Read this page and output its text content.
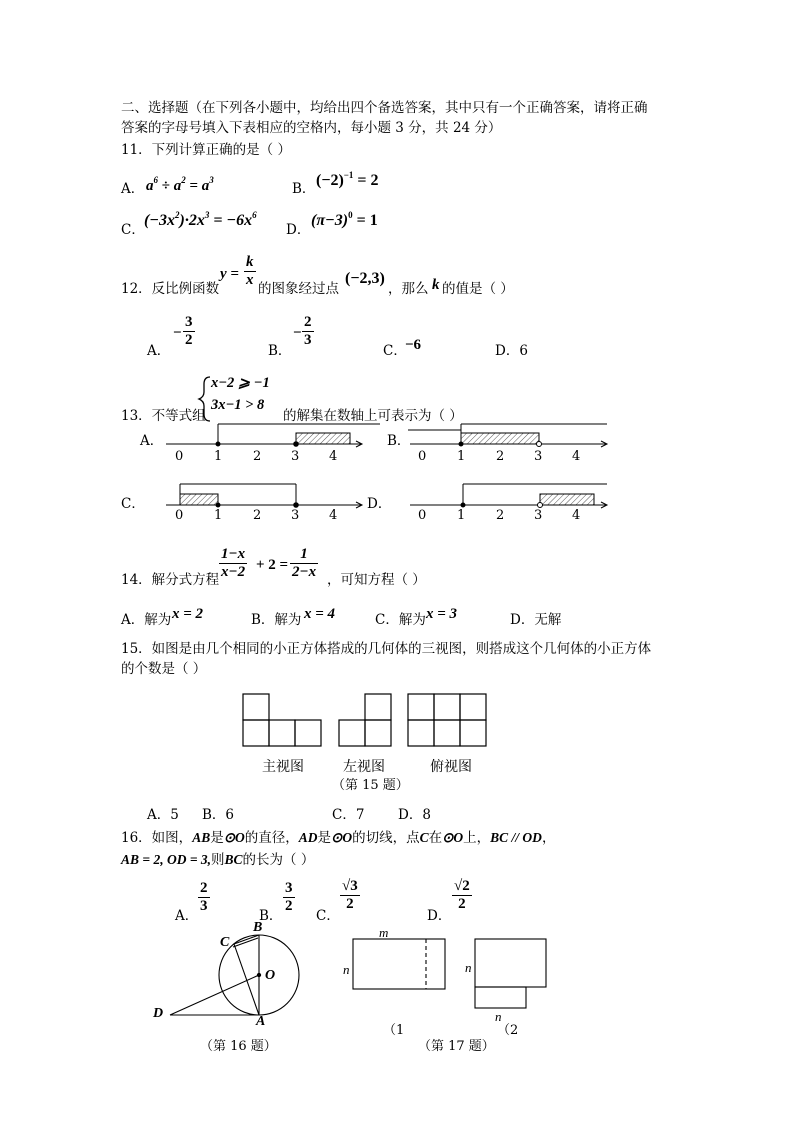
二、选择题（在下列各小题中，均给出四个备选答案，其中只有一个正确答案，请将正确
答案的字母号填入下表相应的空格内，每小题 3 分，共 24 分）
11．下列计算正确的是（ ）
A． $a^6 \div a^2 = a^3$
B． $(-2)^{-1} = 2$
C．
$(-3x^2)\cdot 2x^3 = -6x^6$
D．
$(\pi-3)^0 = 1$
12．反比例函数
$y = \frac{k}{x}$ 的图象经过点
(−2,3)
，那么 k 的值是（ ）
A．
− $\frac{3}{2}$
B．
− $\frac{2}{3}$
C．
−6	D．6
13．不等式组
x−2 ⩾ −1
3x−1 > 8
的解集在数轴上可表示为（ ）
A．	B．
C．	D．
0 1 2 3 4	0 1 2 3 4
0 1 2 3 4	0 1 2 3 4
14．解分式方程 $\frac{1-x}{x-2} + 2 = \frac{1}{2-x}$ ，可知方程（ ）
A．解为 x = 2	B．解为 x = 4	C．解为 x = 3	D．无解
15．如图是由几个相同的小正方体搭成的几何体的三视图，则搭成这个几何体的小正方体
的个数是（ ）
主视图	左视图	俯视图
（第 15 题）
A．5 B．6	C．7 D．8
16．如图，AB是⊙O的直径，AD是⊙O的切线，点C在⊙O上，BC // OD，
AB = 2, OD = 3,则BC的长为（ ）
A．
$\frac{2}{3}$
B．
$\frac{3}{2}$
C．
$\frac{√3}{2}$
D．
$\frac{√2}{2}$
B
C
O
D
A
（第 16 题）
m
n	n
n
（1	（2
（第 17 题）
